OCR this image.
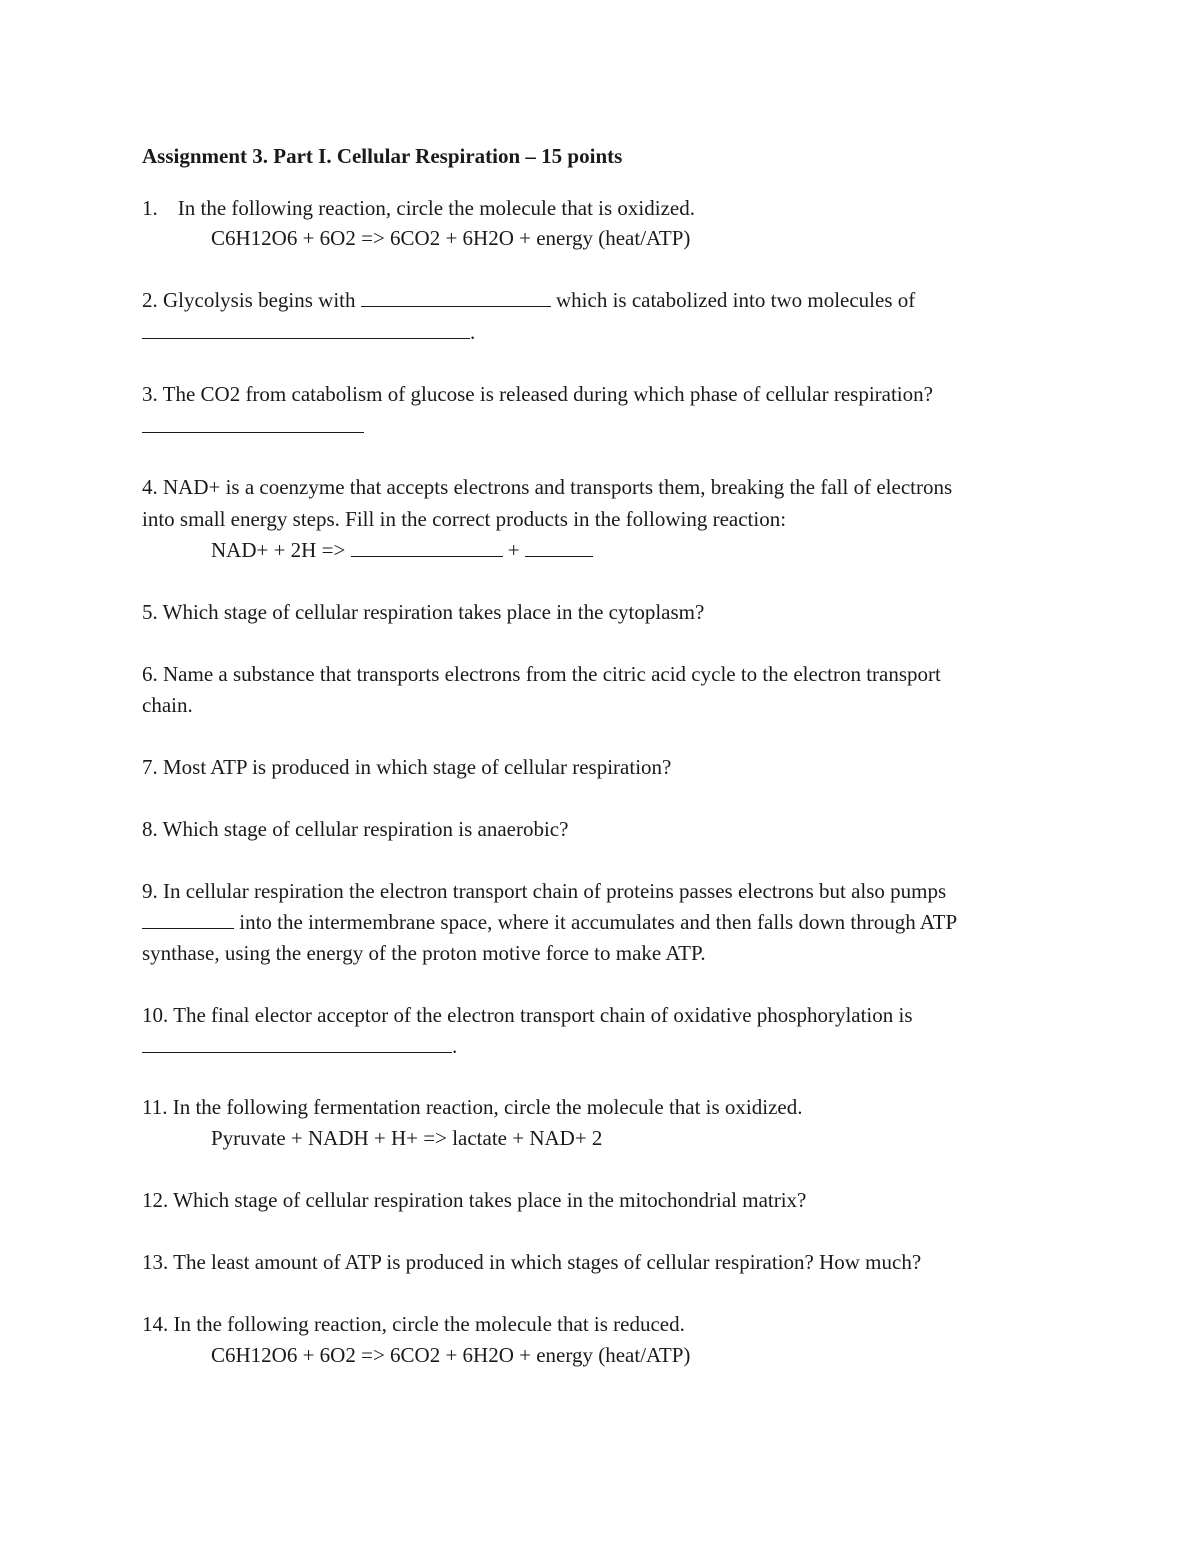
Assignment 3. Part I. Cellular Respiration – 15 points

1. In the following reaction, circle the molecule that is oxidized.

C6H12O6 + 6O2 => 6CO2 + 6H2O + energy (heat/ATP)

2. Glycolysis begins with	which is catabolized into two molecules of

.

3. The CO2 from catabolism of glucose is released during which phase of cellular respiration?

4. NAD+ is a coenzyme that accepts electrons and transports them, breaking the fall of electrons

into small energy steps. Fill in the correct products in the following reaction:

NAD+ + 2H =>	+

5. Which stage of cellular respiration takes place in the cytoplasm?

6. Name a substance that transports electrons from the citric acid cycle to the electron transport

chain.

7. Most ATP is produced in which stage of cellular respiration?

8. Which stage of cellular respiration is anaerobic?

9. In cellular respiration the electron transport chain of proteins passes electrons but also pumps

into the intermembrane space, where it accumulates and then falls down through ATP

synthase, using the energy of the proton motive force to make ATP.

10. The final elector acceptor of the electron transport chain of oxidative phosphorylation is

.

11. In the following fermentation reaction, circle the molecule that is oxidized.

Pyruvate + NADH + H+ => lactate + NAD+ 2

12. Which stage of cellular respiration takes place in the mitochondrial matrix?

13. The least amount of ATP is produced in which stages of cellular respiration? How much?

14. In the following reaction, circle the molecule that is reduced.

C6H12O6 + 6O2 => 6CO2 + 6H2O + energy (heat/ATP)
